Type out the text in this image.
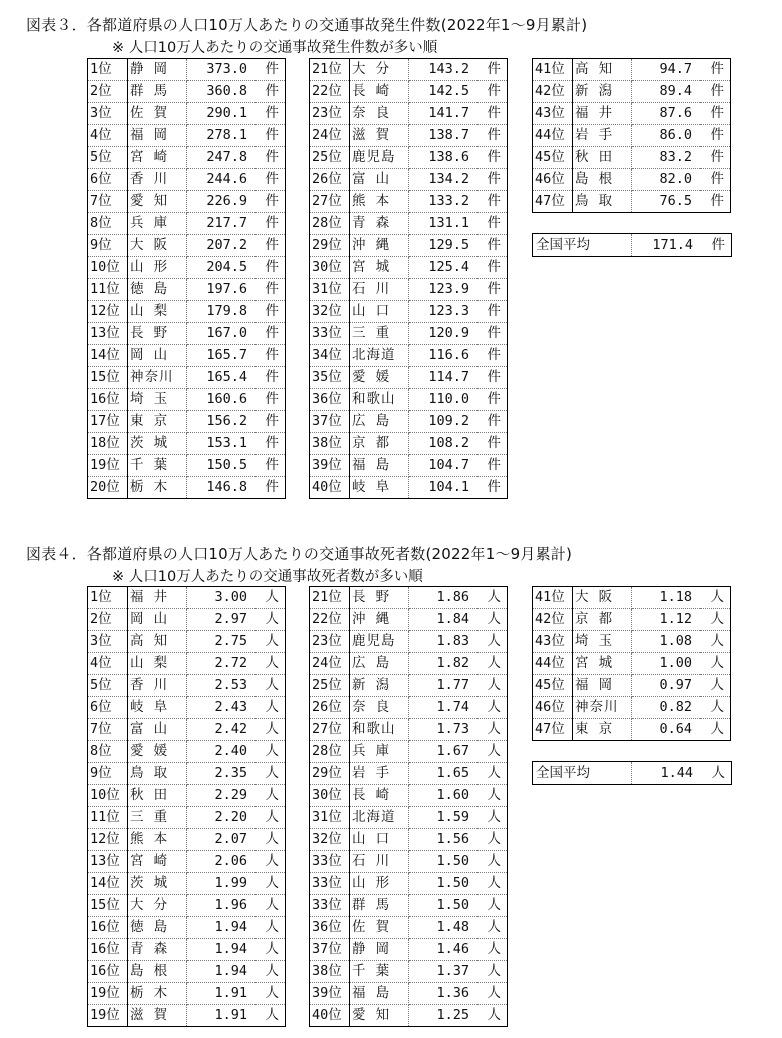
図表３．各都道府県の人口10万人あたりの交通事故発生件数(2022年1～9月累計)
※ 人口10万人あたりの交通事故発生件数が多い順
1位	静 岡	373.0	件
2位	群 馬	360.8	件
3位	佐 賀	290.1	件
4位	福 岡	278.1	件
5位	宮 崎	247.8	件
6位	香 川	244.6	件
7位	愛 知	226.9	件
8位	兵 庫	217.7	件
9位	大 阪	207.2	件
10位	山 形	204.5	件
11位	徳 島	197.6	件
12位	山 梨	179.8	件
13位	長 野	167.0	件
14位	岡 山	165.7	件
15位	神奈川	165.4	件
16位	埼 玉	160.6	件
17位	東 京	156.2	件
18位	茨 城	153.1	件
19位	千 葉	150.5	件
20位	栃 木	146.8	件
21位	大 分	143.2	件
22位	長 崎	142.5	件
23位	奈 良	141.7	件
24位	滋 賀	138.7	件
25位	鹿児島	138.6	件
26位	富 山	134.2	件
27位	熊 本	133.2	件
28位	青 森	131.1	件
29位	沖 縄	129.5	件
30位	宮 城	125.4	件
31位	石 川	123.9	件
32位	山 口	123.3	件
33位	三 重	120.9	件
34位	北海道	116.6	件
35位	愛 媛	114.7	件
36位	和歌山	110.0	件
37位	広 島	109.2	件
38位	京 都	108.2	件
39位	福 島	104.7	件
40位	岐 阜	104.1	件
41位	高 知	94.7	件
42位	新 潟	89.4	件
43位	福 井	87.6	件
44位	岩 手	86.0	件
45位	秋 田	83.2	件
46位	島 根	82.0	件
47位	鳥 取	76.5	件
全国平均	171.4	件
図表４．各都道府県の人口10万人あたりの交通事故死者数(2022年1～9月累計)
※ 人口10万人あたりの交通事故死者数が多い順
1位	福 井	3.00	人
2位	岡 山	2.97	人
3位	高 知	2.75	人
4位	山 梨	2.72	人
5位	香 川	2.53	人
6位	岐 阜	2.43	人
7位	富 山	2.42	人
8位	愛 媛	2.40	人
9位	鳥 取	2.35	人
10位	秋 田	2.29	人
11位	三 重	2.20	人
12位	熊 本	2.07	人
13位	宮 崎	2.06	人
14位	茨 城	1.99	人
15位	大 分	1.96	人
16位	徳 島	1.94	人
16位	青 森	1.94	人
16位	島 根	1.94	人
19位	栃 木	1.91	人
19位	滋 賀	1.91	人
21位	長 野	1.86	人
22位	沖 縄	1.84	人
23位	鹿児島	1.83	人
24位	広 島	1.82	人
25位	新 潟	1.77	人
26位	奈 良	1.74	人
27位	和歌山	1.73	人
28位	兵 庫	1.67	人
29位	岩 手	1.65	人
30位	長 崎	1.60	人
31位	北海道	1.59	人
32位	山 口	1.56	人
33位	石 川	1.50	人
33位	山 形	1.50	人
33位	群 馬	1.50	人
36位	佐 賀	1.48	人
37位	静 岡	1.46	人
38位	千 葉	1.37	人
39位	福 島	1.36	人
40位	愛 知	1.25	人
41位	大 阪	1.18	人
42位	京 都	1.12	人
43位	埼 玉	1.08	人
44位	宮 城	1.00	人
45位	福 岡	0.97	人
46位	神奈川	0.82	人
47位	東 京	0.64	人
全国平均	1.44	人
